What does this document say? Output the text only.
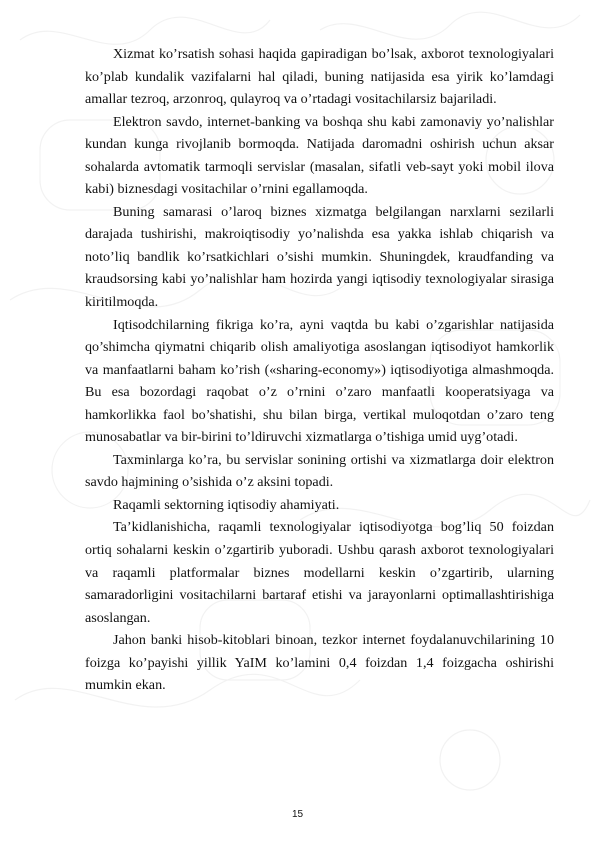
Xizmat ko’rsatish sohasi haqida gapiradigan bo’lsak, axborot texnologiyalari ko’plab kundalik vazifalarni hal qiladi, buning natijasida esa yirik ko’lamdagi amallar tezroq, arzonroq, qulayroq va o’rtadagi vositachilarsiz bajariladi.

Elektron savdo, internet-banking va boshqa shu kabi zamonaviy yo’nalishlar kundan kunga rivojlanib bormoqda. Natijada daromadni oshirish uchun aksar sohalarda avtomatik tarmoqli servislar (masalan, sifatli veb-sayt yoki mobil ilova kabi) biznesdagi vositachilar o’rnini egallamoqda.

Buning samarasi o’laroq biznes xizmatga belgilangan narxlarni sezilarli darajada tushirishi, makroiqtisodiy yo’nalishda esa yakka ishlab chiqarish va noto’liq bandlik ko’rsatkichlari o’sishi mumkin. Shuningdek, kraudfanding va kraudsorsing kabi yo’nalishlar ham hozirda yangi iqtisodiy texnologiyalar sirasiga kiritilmoqda.

Iqtisodchilarning fikriga ko’ra, ayni vaqtda bu kabi o’zgarishlar natijasida qo’shimcha qiymatni chiqarib olish amaliyotiga asoslangan iqtisodiyot hamkorlik va manfaatlarni baham ko’rish («sharing-economy») iqtisodiyotiga almashmoqda. Bu esa bozordagi raqobat o’z o’rnini o’zaro manfaatli kooperatsiyaga va hamkorlikka faol bo’shatishi, shu bilan birga, vertikal muloqotdan o’zaro teng munosabatlar va bir-birini to’ldiruvchi xizmatlarga o’tishiga umid uyg’otadi.

Taxminlarga ko’ra, bu servislar sonining ortishi va xizmatlarga doir elektron savdo hajmining o’sishida o’z aksini topadi.

Raqamli sektorning iqtisodiy ahamiyati.

Ta’kidlanishicha, raqamli texnologiyalar iqtisodiyotga bog’liq 50 foizdan ortiq sohalarni keskin o’zgartirib yuboradi. Ushbu qarash axborot texnologiyalari va raqamli platformalar biznes modellarni keskin o’zgartirib, ularning samaradorligini vositachilarni bartaraf etishi va jarayonlarni optimallashtirishiga asoslangan.

Jahon banki hisob-kitoblari binoan, tezkor internet foydalanuvchilarining 10 foizga ko’payishi yillik YaIM ko’lamini 0,4 foizdan 1,4 foizgacha oshirishi mumkin ekan.

15
